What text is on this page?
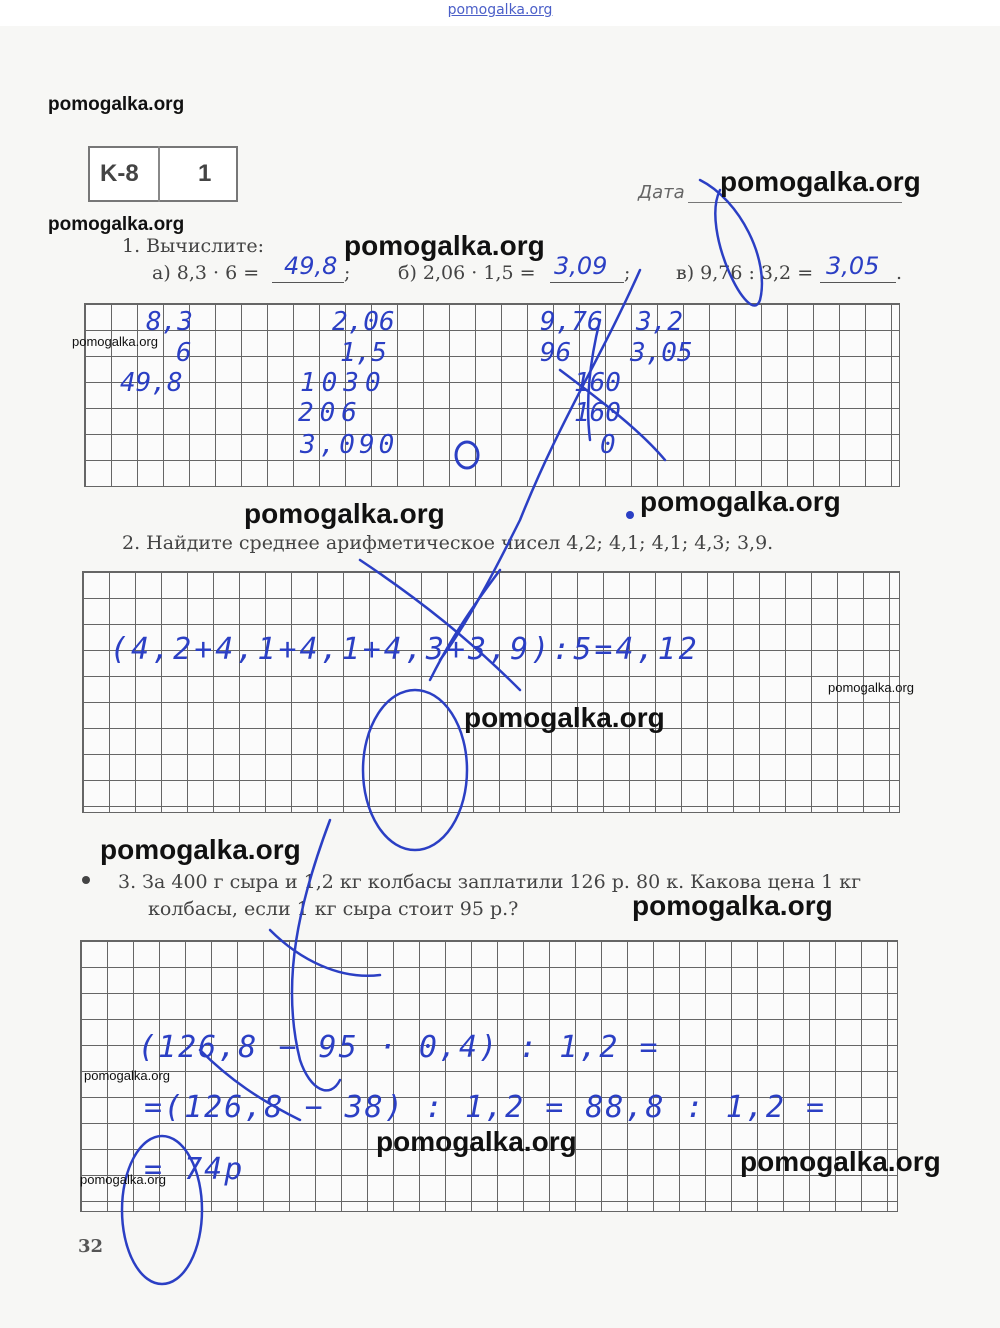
pomogalka.org
K-8 1
Дата
1. Вычислите:
а) 8,3 · 6 = 49,8 ;	б) 2,06 · 1,5 = 3,09 ; в) 9,76 : 3,2 = 3,05 .
8,3
6
49,8
2,06
1,5
1030
206
3,090
9,76 3,2
96 3,05
160
160
0
2. Найдите среднее арифметическое чисел 4,2; 4,1; 4,1; 4,3; 3,9.
(4,2+4,1+4,1+4,3+3,9):5=4,12
3. За 400 г сыра и 1,2 кг колбасы заплатили 126 р. 80 к. Какова цена 1 кг
колбасы, если 1 кг сыра стоит 95 р.?
(126,8 − 95 · 0,4) : 1,2 =
=(126,8 − 38) : 1,2 = 88,8 : 1,2 =
= 74р
32
pomogalka.org
pomogalka.org
pomogalka.org
pomogalka.org
pomogalka.org
pomogalka.org
pomogalka.org
pomogalka.org
pomogalka.org
pomogalka.org
pomogalka.org
pomogalka.org
pomogalka.org
pomogalka.org
pomogalka.org
